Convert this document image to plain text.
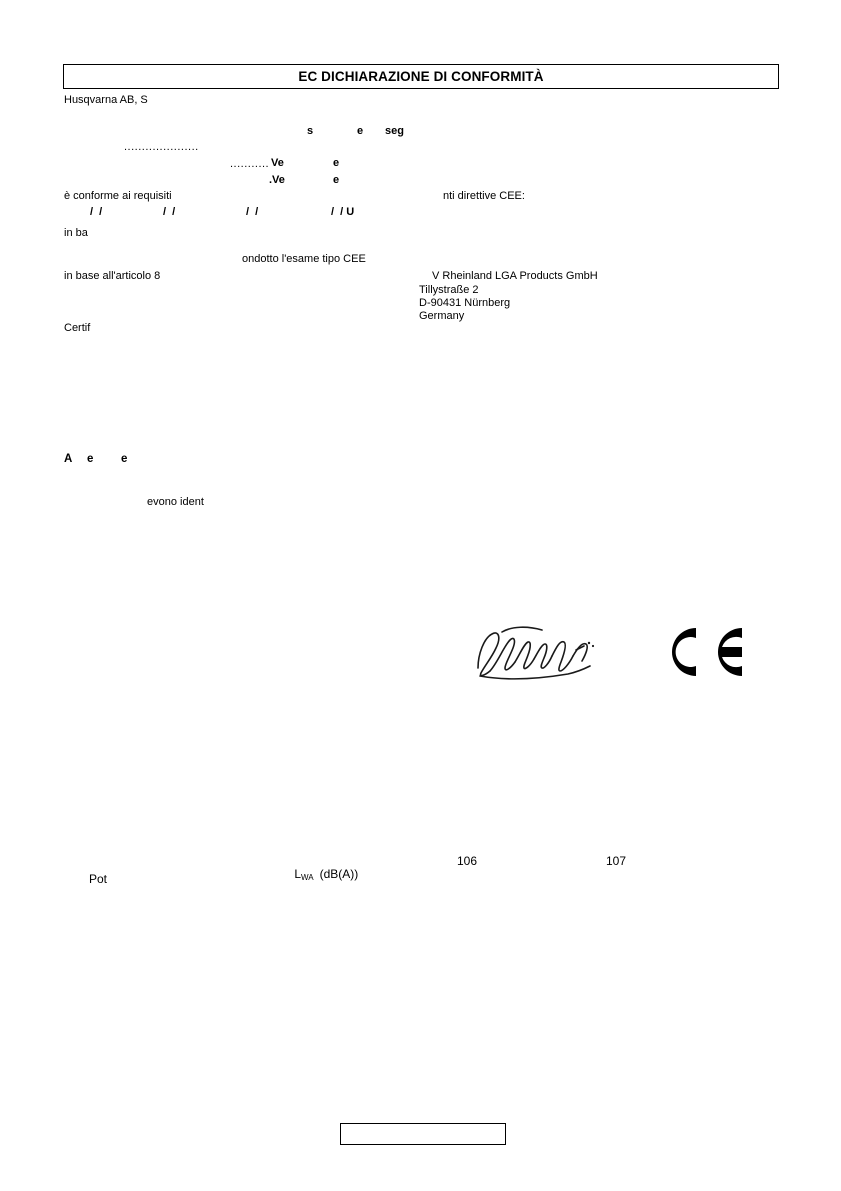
EC DICHIARAZIONE DI CONFORMITÀ
Husqvarna AB, S
s	e seg
.....................
........... Ve	e
.Ve	e
è conforme ai requisiti	nti direttive CEE:
/  /	/  /	/  /	/  / U
in ba
ondotto l'esame tipo CEE
in base all'articolo 8	V Rheinland LGA Products GmbH
Tillystraße 2
D-90431 Nürnberg
Germany
Certif
A e e
evono ident

LWA (dB(A))

106	107
Pot
